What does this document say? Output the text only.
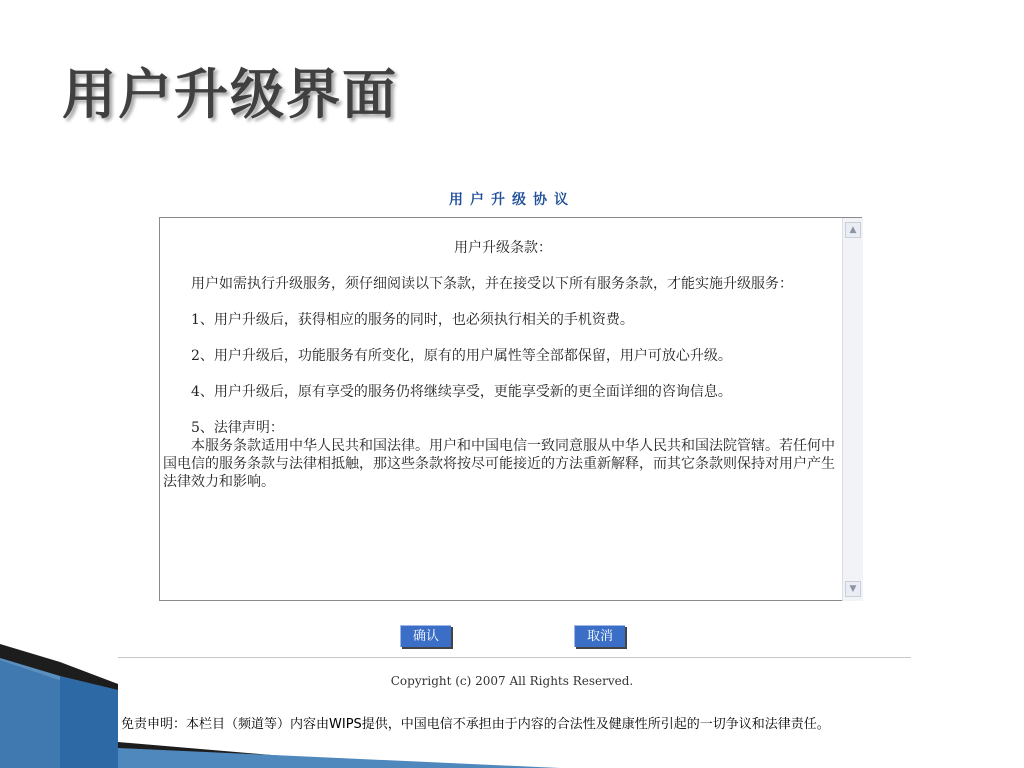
用户升级界面
用户升级协议

用户升级条款：

用户如需执行升级服务，须仔细阅读以下条款，并在接受以下所有服务条款，才能实施升级服务：

1、用户升级后，获得相应的服务的同时，也必须执行相关的手机资费。

2、用户升级后，功能服务有所变化，原有的用户属性等全部都保留，用户可放心升级。

4、用户升级后，原有享受的服务仍将继续享受，更能享受新的更全面详细的咨询信息。

5、法律声明：

本服务条款适用中华人民共和国法律。用户和中国电信一致同意服从中华人民共和国法院管辖。若任何中国电信的服务条款与法律相抵触，那这些条款将按尽可能接近的方法重新解释，而其它条款则保持对用户产生法律效力和影响。

▲
▼
确认	取消
Copyright (c) 2007 All Rights Reserved.
免责申明：本栏目（频道等）内容由WIPS提供，中国电信不承担由于内容的合法性及健康性所引起的一切争议和法律责任。
